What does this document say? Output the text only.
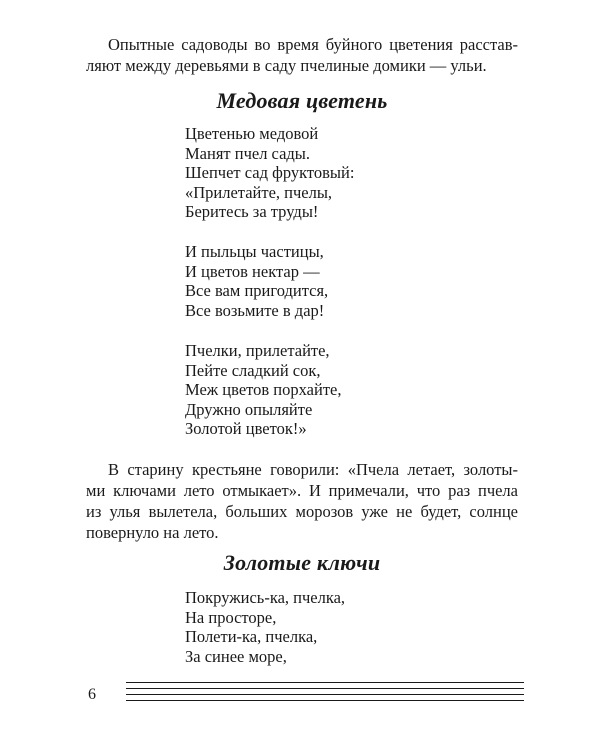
Опытные садоводы во время буйного цветения расстав-
ляют между деревьями в саду пчелиные домики — ульи.
Медовая цветень
Цветенью медовой
Манят пчел сады.
Шепчет сад фруктовый:
«Прилетайте, пчелы,
Беритесь за труды!
И пыльцы частицы,
И цветов нектар —
Все вам пригодится,
Все возьмите в дар!
Пчелки, прилетайте,
Пейте сладкий сок,
Меж цветов порхайте,
Дружно опыляйте
Золотой цветок!»
В старину крестьяне говорили: «Пчела летает, золоты-
ми ключами лето отмыкает». И примечали, что раз пчела
из улья вылетела, больших морозов уже не будет, солнце
повернуло на лето.
Золотые ключи
Покружись-ка, пчелка,
На просторе,
Полети-ка, пчелка,
За синее море,
6
